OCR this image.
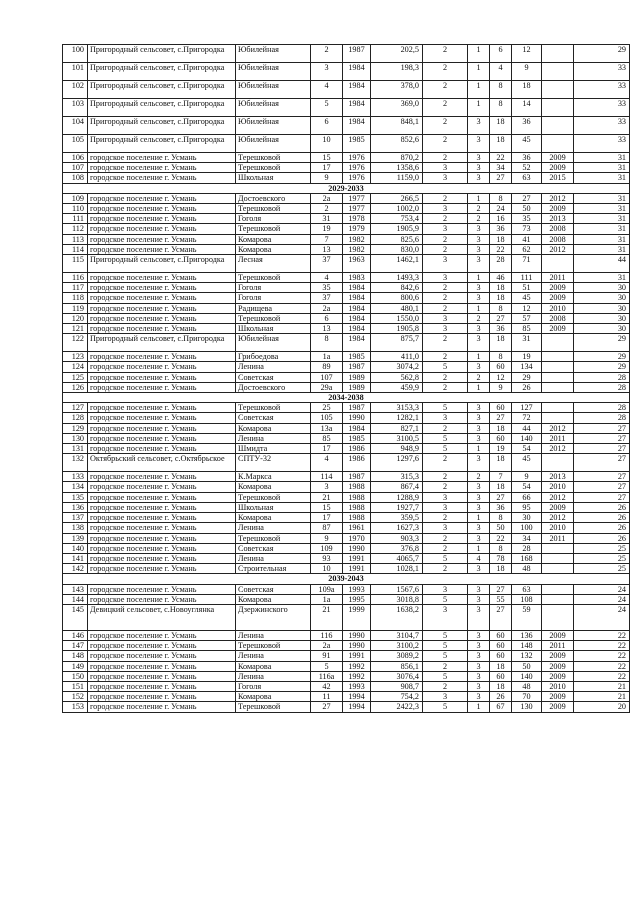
100	Пригородный сельсовет, с.Пригородка	Юбилейная	2	1987	202,5	2	1	6	12		29
101	Пригородный сельсовет, с.Пригородка	Юбилейная	3	1984	198,3	2	1	4	9		33
102	Пригородный сельсовет, с.Пригородка	Юбилейная	4	1984	378,0	2	1	8	18		33
103	Пригородный сельсовет, с.Пригородка	Юбилейная	5	1984	369,0	2	1	8	14		33
104	Пригородный сельсовет, с.Пригородка	Юбилейная	6	1984	848,1	2	3	18	36		33
105	Пригородный сельсовет, с.Пригородка	Юбилейная	10	1985	852,6	2	3	18	45		33
106	городское поселение г. Усмань	Терешковой	15	1976	870,2	2	3	22	36	2009	31
107	городское поселение г. Усмань	Терешковой	17	1976	1358,6	3	3	34	52	2009	31
108	городское поселение г. Усмань	Школьная	9	1976	1159,0	3	3	27	63	2015	31
2029-2033											
109	городское поселение г. Усмань	Достоевского	2а	1977	266,5	2	1	8	27	2012	31
110	городское поселение г. Усмань	Терешковой	2	1977	1002,0	3	2	24	50	2009	31
111	городское поселение г. Усмань	Гоголя	31	1978	753,4	2	2	16	35	2013	31
112	городское поселение г. Усмань	Терешковой	19	1979	1905,9	3	3	36	73	2008	31
113	городское поселение г. Усмань	Комарова	7	1982	825,6	2	3	18	41	2008	31
114	городское поселение г. Усмань	Комарова	13	1982	830,0	2	3	22	62	2012	31
115	Пригородный сельсовет, с.Пригородка	Лесная	37	1963	1462,1	3	3	28	71		44
116	городское поселение г. Усмань	Терешковой	4	1983	1493,3	3	1	46	111	2011	31
117	городское поселение г. Усмань	Гоголя	35	1984	842,6	2	3	18	51	2009	30
118	городское поселение г. Усмань	Гоголя	37	1984	800,6	2	3	18	45	2009	30
119	городское поселение г. Усмань	Радищева	2а	1984	480,1	2	1	8	12	2010	30
120	городское поселение г. Усмань	Терешковой	6	1984	1550,0	3	2	27	57	2008	30
121	городское поселение г. Усмань	Школьная	13	1984	1905,8	3	3	36	85	2009	30
122	Пригородный сельсовет, с.Пригородка	Юбилейная	8	1984	875,7	2	3	18	31		29
123	городское поселение г. Усмань	Грибоедова	1а	1985	411,0	2	1	8	19		29
124	городское поселение г. Усмань	Ленина	89	1987	3074,2	5	3	60	134		29
125	городское поселение г. Усмань	Советская	107	1989	562,8	2	2	12	29		28
126	городское поселение г. Усмань	Достоевского	29а	1989	459,9	2	1	9	26		28
2034-2038											
127	городское поселение г. Усмань	Терешковой	25	1987	3153,3	5	3	60	127		28
128	городское поселение г. Усмань	Советская	105	1990	1282,1	3	3	27	72		28
129	городское поселение г. Усмань	Комарова	13а	1984	827,1	2	3	18	44	2012	27
130	городское поселение г. Усмань	Ленина	85	1985	3100,5	5	3	60	140	2011	27
131	городское поселение г. Усмань	Шмидта	17	1986	948,9	5	1	19	54	2012	27
132	Октябрьский сельсовет, с.Октябрьское	СПТУ-32	4	1986	1297,6	2	3	18	45		27
133	городское поселение г. Усмань	К.Маркса	114	1987	315,3	2	2	7	9	2013	27
134	городское поселение г. Усмань	Комарова	3	1988	867,4	2	3	18	54	2010	27
135	городское поселение г. Усмань	Терешковой	21	1988	1288,9	3	3	27	66	2012	27
136	городское поселение г. Усмань	Школьная	15	1988	1927,7	3	3	36	95	2009	26
137	городское поселение г. Усмань	Комарова	17	1988	359,5	2	1	8	30	2012	26
138	городское поселение г. Усмань	Ленина	87	1961	1627,3	3	3	50	100	2010	26
139	городское поселение г. Усмань	Терешковой	9	1970	903,3	2	3	22	34	2011	26
140	городское поселение г. Усмань	Советская	109	1990	376,8	2	1	8	28		25
141	городское поселение г. Усмань	Ленина	93	1991	4065,7	5	4	78	168		25
142	городское поселение г. Усмань	Строительная	10	1991	1028,1	2	3	18	48		25
2039-2043											
143	городское поселение г. Усмань	Советская	109а	1993	1567,6	3	3	27	63		24
144	городское поселение г. Усмань	Комарова	1а	1995	3018,8	5	3	55	108		24
145	Девицкий сельсовет, с.Новоуглянка	Дзержинского	21	1999	1638,2	3	3	27	59		24
146	городское поселение г. Усмань	Ленина	116	1990	3104,7	5	3	60	136	2009	22
147	городское поселение г. Усмань	Терешковой	2а	1990	3100,2	5	3	60	148	2011	22
148	городское поселение г. Усмань	Ленина	91	1991	3089,2	5	3	60	132	2009	22
149	городское поселение г. Усмань	Комарова	5	1992	856,1	2	3	18	50	2009	22
150	городское поселение г. Усмань	Ленина	116а	1992	3076,4	5	3	60	140	2009	22
151	городское поселение г. Усмань	Гоголя	42	1993	908,7	2	3	18	48	2010	21
152	городское поселение г. Усмань	Комарова	11	1994	754,2	3	3	26	70	2009	21
153	городское поселение г. Усмань	Терешковой	27	1994	2422,3	5	1	67	130	2009	20
